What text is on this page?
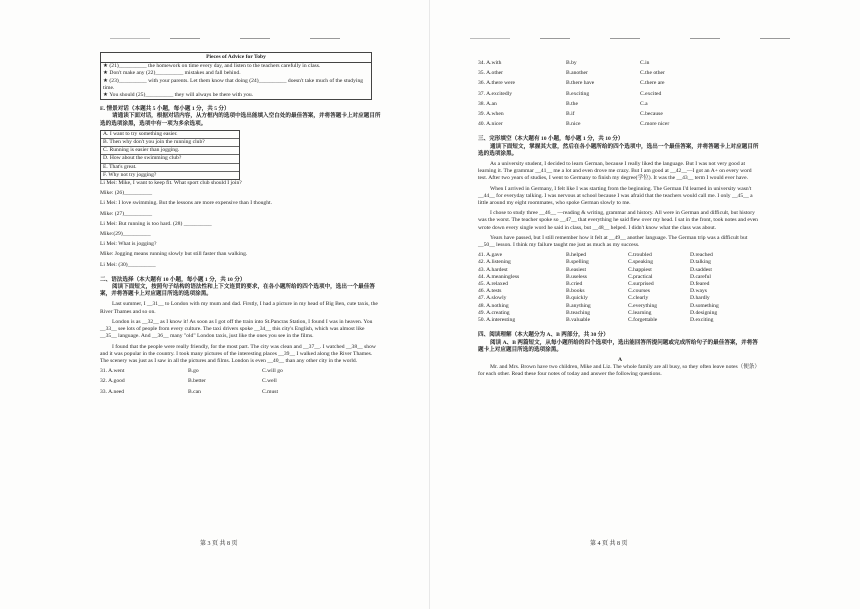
Pieces of Advice for Toby
★ (21)__________ the homework on time every day, and listen to the teachers carefully in class.
★ Don't make any (22)__________ mistakes and fall behind.
★ (23)__________ with your parents. Let them know that doing (24)__________ doesn't take much of the studying time.
★ You should (25)__________ they will always be there with you.

E. 情景对话（本题共 5 小题，每小题 1 分，共 5 分）

请通读下面对话，根据对话内容，从方框内的选项中选出能填入空白处的最佳答案，并将答题卡上对应题目所选的选项涂黑，选项中有一项为多余选项。

A. I want to try something easier.
B. Then why don't you join the running club?
C. Running is easier than jogging.
D. How about the swimming club?
E. That's great.
F. Why not try jogging?

Li Mei: Mike, I want to keep fit. What sport club should I join?

Mike: (26)__________

Li Mei: I love swimming. But the lessons are more expensive than I thought.

Mike: (27)__________

Li Mei: But running is too hard. (28) __________

Mike:(29)__________

Li Mei: What is jogging?

Mike: Jogging means running slowly but still faster than walking.

Li Mei: (30)__________

二、语法选择（本大题有 10 小题，每小题 1 分，共 10 分）

阅读下面短文，按照句子结构的语法性和上下文连贯的要求，在各小题所给的四个选项中，选出一个最佳答案，并将答题卡上对应题目所选的选项涂黑。

Last summer, I __31__ to London with my mum and dad. Firstly, I had a picture in my head of Big Ben, cute taxis, the River Thames and so on.

London is as __32__ as I know it! As soon as I got off the train into St.Pancras Station, I found I was in heaven. You __33__ see lots of people from every culture. The taxi drivers spoke __34__ this city's English, which was almost like __35__ language. And __36__ many "old" London taxis, just like the ones you see in the films.

I found that the people were really friendly, for the most part. The city was clean and __37__. I watched __38__ show and it was popular in the country. I took many pictures of the interesting places __39__ I walked along the River Thames. The scenery was just as I saw in all the pictures and films. London is even __40__ than any other city in the world.

31. A.went	B.go	C.will go
32. A.good	B.better	C.well
33. A.need	B.can	C.must
第 3 页 共 8 页
34. A.with	B.by	C.in
35. A.other	B.another	C.the other
36. A.there were	B.there have	C.there are
37. A.excitedly	B.exciting	C.excited
38. A.an	B.the	C.a
39. A.when	B.if	C.because
40. A.nicer	B.nice	C.more nicer

三、完形填空（本大题有 10 小题，每小题 1 分，共 10 分）

通读下面短文，掌握其大意，然后在各小题所给的四个选项中，选出一个最佳答案，并将答题卡上对应题目所选的选项涂黑。

As a university student, I decided to learn German, because I really liked the language. But I was not very good at learning it. The grammar __41__ me a lot and even drove me crazy. But I am good at __42__—I got an A+ on every word test. After two years of studies, I went to Germany to finish my degree(学位). It was the __43__ term I would ever have.

When I arrived in Germany, I felt like I was starting from the beginning. The German I'd learned in university wasn't __44__ for everyday talking. I was nervous at school because I was afraid that the teachers would call me. I only __45__ a little around my eight roommates, who spoke German slowly to me.

I chose to study three __46__ —reading & writing, grammar and history. All were in German and difficult, but history was the worst. The teacher spoke so __47__ that everything he said flew over my head. I sat in the front, took notes and even wrote down every single word he said in class, but __48__ helped. I didn't know what the class was about.

Years have passed, but I still remember how it felt at __49__ another language. The German trip was a difficult but __50__ lesson. I think my failure taught me just as much as my success.

41. A.gave	B.helped	C.troubled	D.reached
42. A.listening	B.spelling	C.speaking	D.talking
43. A.hardest	B.easiest	C.happiest	D.saddest
44. A.meaningless	B.useless	C.practical	D.careful
45. A.relaxed	B.cried	C.surprised	D.feared
46. A.tests	B.books	C.courses	D.ways
47. A.slowly	B.quickly	C.clearly	D.hardly
48. A.nothing	B.anything	C.everything	D.something
49. A.creating	B.teaching	C.learning	D.designing
50. A.interesting	B.valuable	C.forgettable	D.exciting

四、阅读理解（本大题分为 A、B 两部分，共 30 分）

阅读 A、B 两篇短文，从每小题所给的四个选项中，选出能回答所提问题或完成所给句子的最佳答案，并将答题卡上对应题目所选的选项涂黑。

A

Mr. and Mrs. Brown have two children, Mike and Liz. The whole family are all busy, so they often leave notes（便条）for each other. Read these four notes of today and answer the following questions.

第 4 页 共 8 页
